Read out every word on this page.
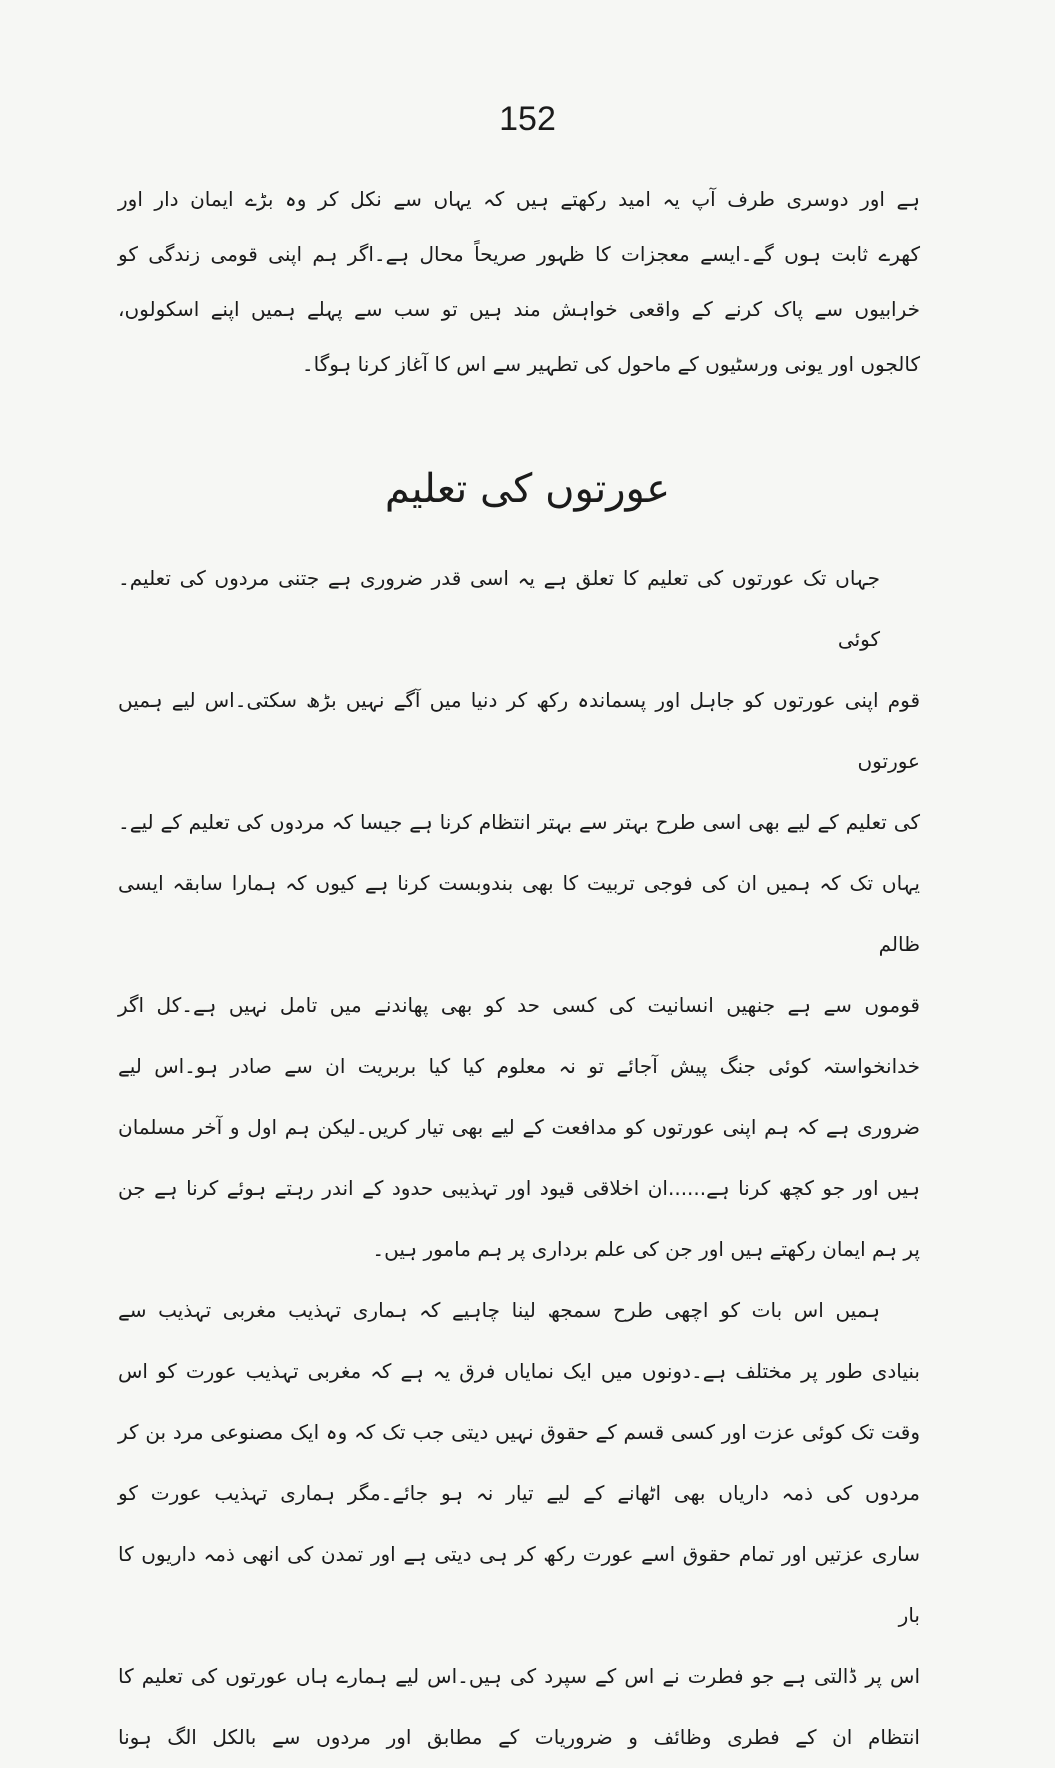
152
ہے اور دوسری طرف آپ یہ امید رکھتے ہیں کہ یہاں سے نکل کر وہ بڑے ایمان دار اور
کھرے ثابت ہوں گے۔ایسے معجزات کا ظہور صریحاً محال ہے۔اگر ہم اپنی قومی زندگی کو
خرابیوں سے پاک کرنے کے واقعی خواہش مند ہیں تو سب سے پہلے ہمیں اپنے اسکولوں،
کالجوں اور یونی ورسٹیوں کے ماحول کی تطہیر سے اس کا آغاز کرنا ہوگا۔
عورتوں کی تعلیم
جہاں تک عورتوں کی تعلیم کا تعلق ہے یہ اسی قدر ضروری ہے جتنی مردوں کی تعلیم۔کوئی
قوم اپنی عورتوں کو جاہل اور پسماندہ رکھ کر دنیا میں آگے نہیں بڑھ سکتی۔اس لیے ہمیں عورتوں
کی تعلیم کے لیے بھی اسی طرح بہتر سے بہتر انتظام کرنا ہے جیسا کہ مردوں کی تعلیم کے لیے۔
یہاں تک کہ ہمیں ان کی فوجی تربیت کا بھی بندوبست کرنا ہے کیوں کہ ہمارا سابقہ ایسی ظالم
قوموں سے ہے جنھیں انسانیت کی کسی حد کو بھی پھاندنے میں تامل نہیں ہے۔کل اگر
خدانخواستہ کوئی جنگ پیش آجائے تو نہ معلوم کیا کیا بربریت ان سے صادر ہو۔اس لیے
ضروری ہے کہ ہم اپنی عورتوں کو مدافعت کے لیے بھی تیار کریں۔لیکن ہم اول و آخر مسلمان
ہیں اور جو کچھ کرنا ہے......ان اخلاقی قیود اور تہذیبی حدود کے اندر رہتے ہوئے کرنا ہے جن
پر ہم ایمان رکھتے ہیں اور جن کی علم برداری پر ہم مامور ہیں۔
ہمیں اس بات کو اچھی طرح سمجھ لینا چاہیے کہ ہماری تہذیب مغربی تہذیب سے
بنیادی طور پر مختلف ہے۔دونوں میں ایک نمایاں فرق یہ ہے کہ مغربی تہذیب عورت کو اس
وقت تک کوئی عزت اور کسی قسم کے حقوق نہیں دیتی جب تک کہ وہ ایک مصنوعی مرد بن کر
مردوں کی ذمہ داریاں بھی اٹھانے کے لیے تیار نہ ہو جائے۔مگر ہماری تہذیب عورت کو
ساری عزتیں اور تمام حقوق اسے عورت رکھ کر ہی دیتی ہے اور تمدن کی انھی ذمہ داریوں کا بار
اس پر ڈالتی ہے جو فطرت نے اس کے سپرد کی ہیں۔اس لیے ہمارے ہاں عورتوں کی تعلیم کا
انتظام ان کے فطری وظائف و ضروریات کے مطابق اور مردوں سے بالکل الگ ہونا
